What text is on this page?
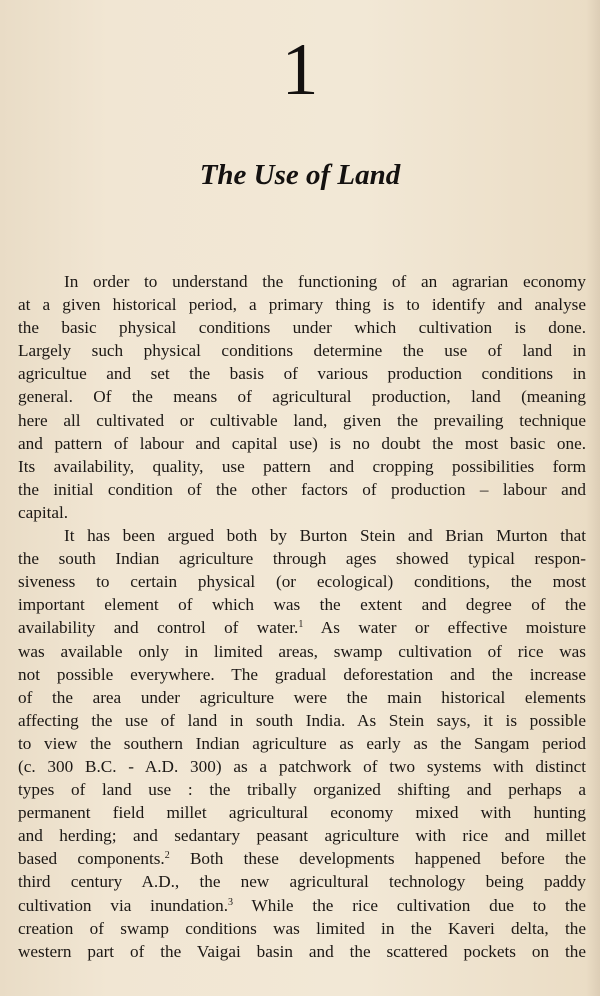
1
The Use of Land
In order to understand the functioning of an agrarian economy
at a given historical period, a primary thing is to identify and analyse
the basic physical conditions under which cultivation is done.
Largely such physical conditions determine the use of land in
agricultue and set the basis of various production conditions in
general. Of the means of agricultural production, land (meaning
here all cultivated or cultivable land, given the prevailing technique
and pattern of labour and capital use) is no doubt the most basic one.
Its availability, quality, use pattern and cropping possibilities form
the initial condition of the other factors of production – labour and
capital.
It has been argued both by Burton Stein and Brian Murton that
the south Indian agriculture through ages showed typical respon-
siveness to certain physical (or ecological) conditions, the most
important element of which was the extent and degree of the
availability and control of water.$^1$ As water or effective moisture
was available only in limited areas, swamp cultivation of rice was
not possible everywhere. The gradual deforestation and the increase
of the area under agriculture were the main historical elements
affecting the use of land in south India. As Stein says, it is possible
to view the southern Indian agriculture as early as the Sangam period
(c. 300 B.C. - A.D. 300) as a patchwork of two systems with distinct
types of land use : the tribally organized shifting and perhaps a
permanent field millet agricultural economy mixed with hunting
and herding; and sedantary peasant agriculture with rice and millet
based components.$^2$ Both these developments happened before the
third century A.D., the new agricultural technology being paddy
cultivation via inundation.$^3$ While the rice cultivation due to the
creation of swamp conditions was limited in the Kaveri delta, the
western part of the Vaigai basin and the scattered pockets on the
